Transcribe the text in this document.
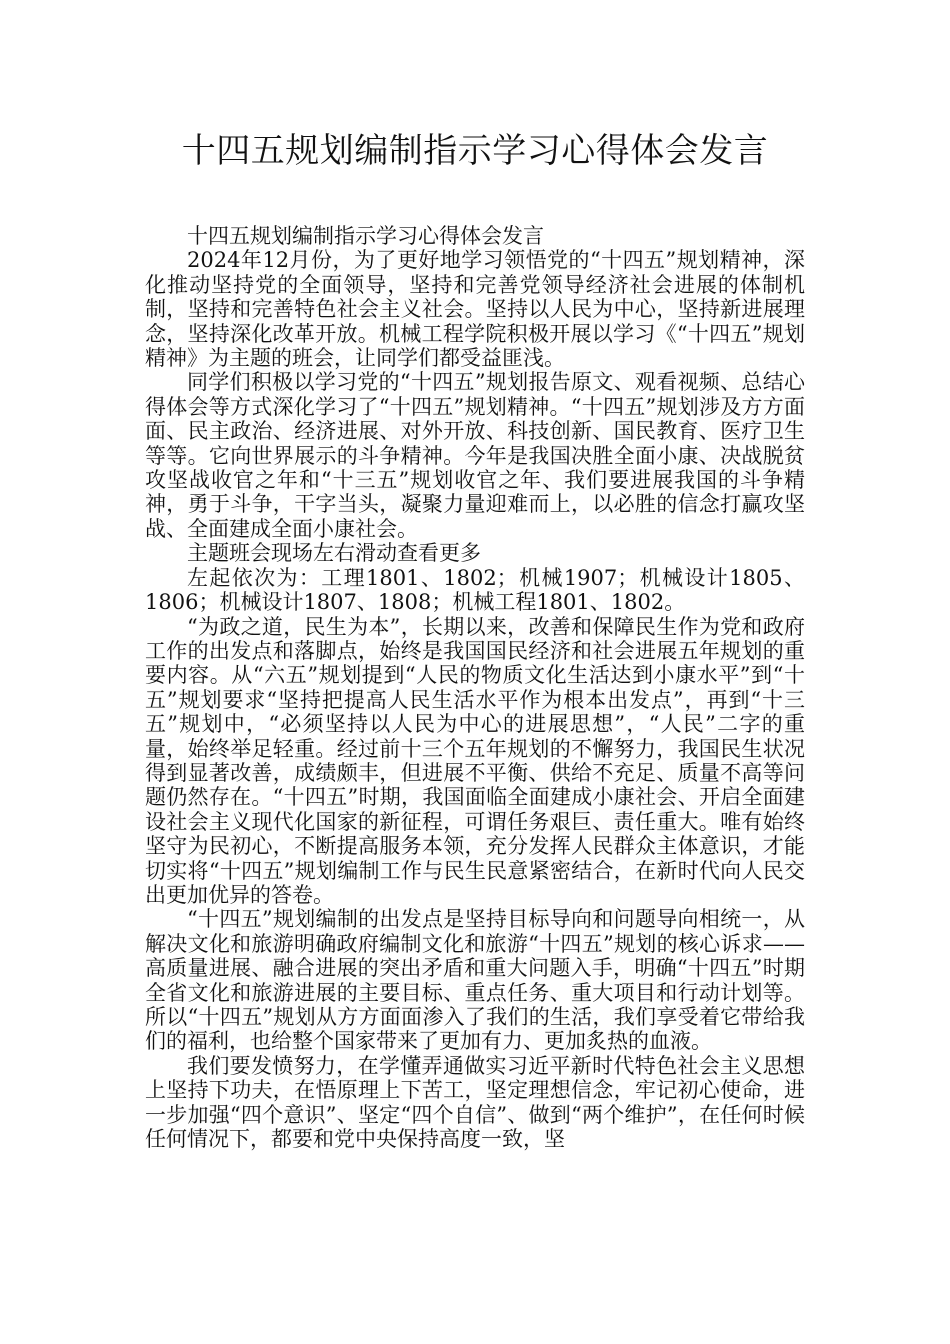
十四五规划编制指示学习心得体会发言

十四五规划编制指示学习心得体会发言

2024年12月份，为了更好地学习领悟党的“十四五”规划精神，深化推动坚持党的全面领导，坚持和完善党领导经济社会进展的体制机制，坚持和完善特色社会主义社会。坚持以人民为中心，坚持新进展理念，坚持深化改革开放。机械工程学院积极开展以学习《“十四五”规划精神》为主题的班会，让同学们都受益匪浅。

同学们积极以学习党的“十四五”规划报告原文、观看视频、总结心得体会等方式深化学习了“十四五”规划精神。“十四五”规划涉及方方面面、民主政治、经济进展、对外开放、科技创新、国民教育、医疗卫生等等。它向世界展示的斗争精神。今年是我国决胜全面小康、决战脱贫攻坚战收官之年和“十三五”规划收官之年、我们要进展我国的斗争精神，勇于斗争，干字当头，凝聚力量迎难而上，以必胜的信念打赢攻坚战、全面建成全面小康社会。

主题班会现场左右滑动查看更多

左起依次为：工理1801、1802；机械1907；机械设计1805、1806；机械设计1807、1808；机械工程1801、1802。

“为政之道，民生为本”，长期以来，改善和保障民生作为党和政府工作的出发点和落脚点，始终是我国国民经济和社会进展五年规划的重要内容。从“六五”规划提到“人民的物质文化生活达到小康水平”到“十五”规划要求“坚持把提高人民生活水平作为根本出发点”，再到“十三五”规划中，“必须坚持以人民为中心的进展思想”，“人民”二字的重量，始终举足轻重。经过前十三个五年规划的不懈努力，我国民生状况得到显著改善，成绩颇丰，但进展不平衡、供给不充足、质量不高等问题仍然存在。“十四五”时期，我国面临全面建成小康社会、开启全面建设社会主义现代化国家的新征程，可谓任务艰巨、责任重大。唯有始终坚守为民初心，不断提高服务本领，充分发挥人民群众主体意识，才能切实将“十四五”规划编制工作与民生民意紧密结合，在新时代向人民交出更加优异的答卷。

“十四五”规划编制的出发点是坚持目标导向和问题导向相统一，从解决文化和旅游明确政府编制文化和旅游“十四五”规划的核心诉求——高质量进展、融合进展的突出矛盾和重大问题入手，明确“十四五”时期全省文化和旅游进展的主要目标、重点任务、重大项目和行动计划等。所以“十四五”规划从方方面面渗入了我们的生活，我们享受着它带给我们的福利，也给整个国家带来了更加有力、更加炙热的血液。

我们要发愤努力，在学懂弄通做实习近平新时代特色社会主义思想上坚持下功夫，在悟原理上下苦工，坚定理想信念，牢记初心使命，进一步加强“四个意识”、坚定“四个自信”、做到“两个维护”，在任何时候任何情况下，都要和党中央保持高度一致，坚
